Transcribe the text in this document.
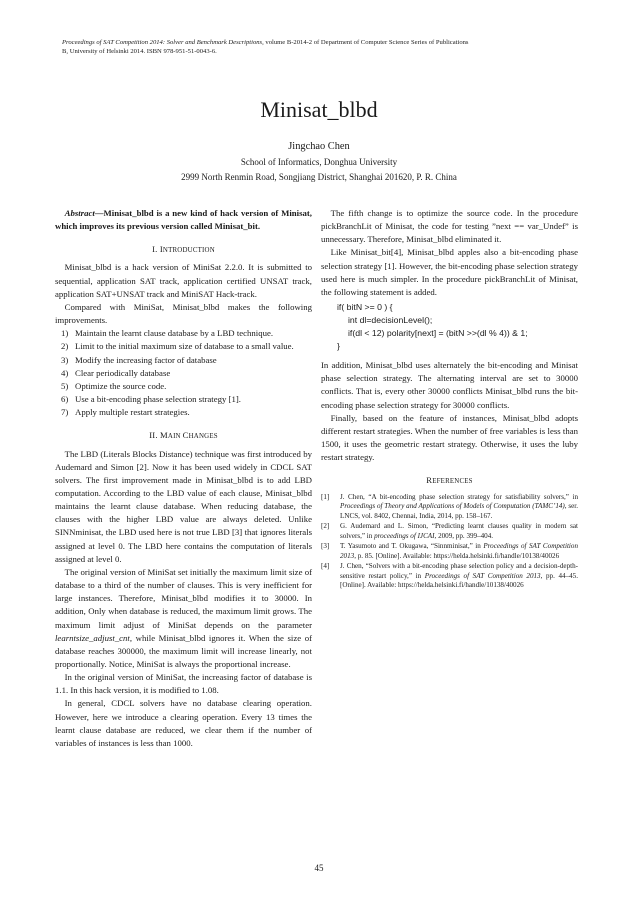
Proceedings of SAT Competition 2014: Solver and Benchmark Descriptions, volume B-2014-2 of Department of Computer Science Series of Publications
B, University of Helsinki 2014. ISBN 978-951-51-0043-6.
Minisat_blbd
Jingchao Chen
School of Informatics, Donghua University
2999 North Renmin Road, Songjiang District, Shanghai 201620, P. R. China

Abstract—Minisat_blbd is a new kind of hack version of Minisat, which improves its previous version called Minisat_bit.

I. INTRODUCTION

Minisat_blbd is a hack version of MiniSat 2.2.0. It is submitted to sequential, application SAT track, application certified UNSAT track, application SAT+UNSAT track and MiniSAT Hack-track.

Compared with MiniSat, Minisat_blbd makes the following improvements.

1) Maintain the learnt clause database by a LBD technique.
2) Limit to the initial maximum size of database to a small value.
3) Modify the increasing factor of database
4) Clear periodically database
5) Optimize the source code.
6) Use a bit-encoding phase selection strategy [1].
7) Apply multiple restart strategies.
II. MAIN CHANGES

The LBD (Literals Blocks Distance) technique was first introduced by Audemard and Simon [2]. Now it has been used widely in CDCL SAT solvers. The first improvement made in Minisat_blbd is to add LBD computation. According to the LBD value of each clause, Minisat_blbd maintains the learnt clause database. When reducing database, the clauses with the higher LBD value are always deleted. Unlike SINNminisat, the LBD used here is not true LBD [3] that ignores literals assigned at level 0. The LBD here contains the computation of literals assigned at level 0.

The original version of MiniSat set initially the maximum limit size of database to a third of the number of clauses. This is very inefficient for large instances. Therefore, Minisat_blbd modifies it to 30000. In addition, Only when database is reduced, the maximum limit grows. The maximum limit adjust of MiniSat depends on the parameter learntsize_adjust_cnt, while Minisat_blbd ignores it. When the size of database reaches 300000, the maximum limit will increase linearly, not proportionally. Notice, MiniSat is always the proportional increase.

In the original version of MiniSat, the increasing factor of database is 1.1. In this hack version, it is modified to 1.08.

In general, CDCL solvers have no database clearing operation. However, here we introduce a clearing operation. Every 13 times the learnt clause database are reduced, we clear them if the number of variables of instances is less than 1000.

The fifth change is to optimize the source code. In the procedure pickBranchLit of Minisat, the code for testing ”next == var_Undef” is unnecessary. Therefore, Minisat_blbd eliminated it.

Like Minisat_bit[4], Minisat_blbd apples also a bit-encoding phase selection strategy [1]. However, the bit-encoding phase selection strategy used here is much simpler. In the procedure pickBranchLit of Minisat, the following statement is added.

if( bitN >= 0 ) {
int dl=decisionLevel();
if(dl < 12) polarity[next] = (bitN >>(dl % 4)) & 1;
}

In addition, Minisat_blbd uses alternately the bit-encoding and Minisat phase selection strategy. The alternating interval are set to 30000 conflicts. That is, every other 30000 conflicts Minisat_blbd runs the bit-encoding phase selection strategy for 30000 conflicts.

Finally, based on the feature of instances, Minisat_blbd adopts different restart strategies. When the number of free variables is less than 1500, it uses the geometric restart strategy. Otherwise, it uses the luby restart strategy.

REFERENCES
[1] J. Chen, “A bit-encoding phase selection strategy for satisfiability solvers,” in Proceedings of Theory and Applications of Models of Computation (TAMC’14), ser. LNCS, vol. 8402, Chennai, India, 2014, pp. 158–167.
[2] G. Audemard and L. Simon, “Predicting learnt clauses quality in modern sat solvers,” in proceedings of IJCAI, 2009, pp. 399–404.
[3] T. Yasumoto and T. Okugawa, “Sinnminisat,” in Proceedings of SAT Competition 2013, p. 85. [Online]. Available: https://helda.helsinki.fi/handle/10138/40026
[4] J. Chen, “Solvers with a bit-encoding phase selection policy and a decision-depth-sensitive restart policy,” in Proceedings of SAT Competition 2013, pp. 44–45. [Online]. Available: https://helda.helsinki.fi/handle/10138/40026
45
